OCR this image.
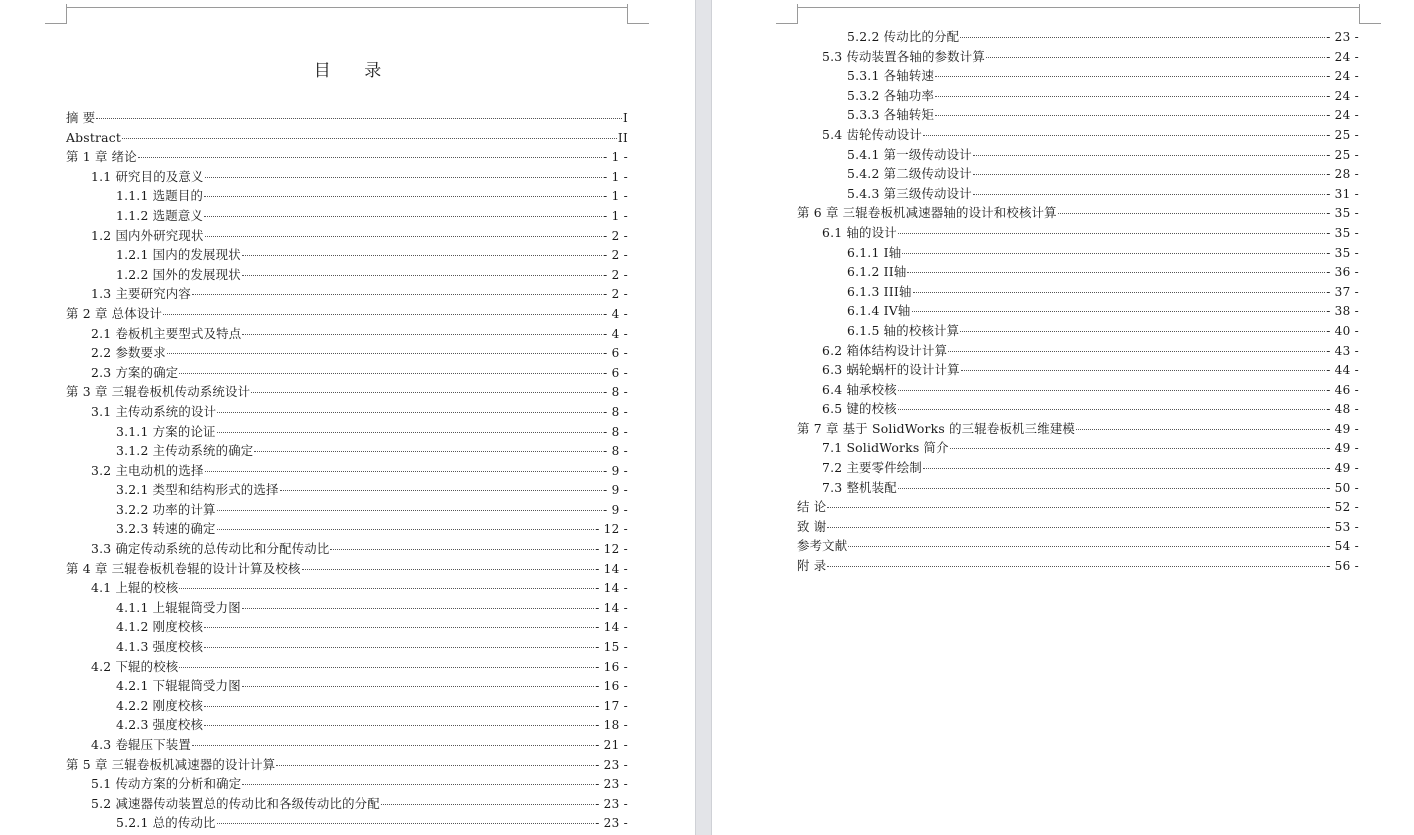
目 录
摘 要	I
Abstract	II
第 1 章 绪论	- 1 -
1.1 研究目的及意义	- 1 -
1.1.1 选题目的	- 1 -
1.1.2 选题意义	- 1 -
1.2 国内外研究现状	- 2 -
1.2.1 国内的发展现状	- 2 -
1.2.2 国外的发展现状	- 2 -
1.3 主要研究内容	- 2 -
第 2 章 总体设计	- 4 -
2.1 卷板机主要型式及特点	- 4 -
2.2 参数要求	- 6 -
2.3 方案的确定	- 6 -
第 3 章 三辊卷板机传动系统设计	- 8 -
3.1 主传动系统的设计	- 8 -
3.1.1 方案的论证	- 8 -
3.1.2 主传动系统的确定	- 8 -
3.2 主电动机的选择	- 9 -
3.2.1 类型和结构形式的选择	- 9 -
3.2.2 功率的计算	- 9 -
3.2.3 转速的确定	- 12 -
3.3 确定传动系统的总传动比和分配传动比	- 12 -
第 4 章 三辊卷板机卷辊的设计计算及校核	- 14 -
4.1 上辊的校核	- 14 -
4.1.1 上辊辊筒受力图	- 14 -
4.1.2 刚度校核	- 14 -
4.1.3 强度校核	- 15 -
4.2 下辊的校核	- 16 -
4.2.1 下辊辊筒受力图	- 16 -
4.2.2 刚度校核	- 17 -
4.2.3 强度校核	- 18 -
4.3 卷辊压下装置	- 21 -
第 5 章 三辊卷板机减速器的设计计算	- 23 -
5.1 传动方案的分析和确定	- 23 -
5.2 减速器传动装置总的传动比和各级传动比的分配	- 23 -
5.2.1 总的传动比	- 23 -
5.2.2 传动比的分配	- 23 -
5.3 传动装置各轴的参数计算	- 24 -
5.3.1 各轴转速	- 24 -
5.3.2 各轴功率	- 24 -
5.3.3 各轴转矩	- 24 -
5.4 齿轮传动设计	- 25 -
5.4.1 第一级传动设计	- 25 -
5.4.2 第二级传动设计	- 28 -
5.4.3 第三级传动设计	- 31 -
第 6 章 三辊卷板机减速器轴的设计和校核计算	- 35 -
6.1 轴的设计	- 35 -
6.1.1 I轴	- 35 -
6.1.2 II轴	- 36 -
6.1.3 III轴	- 37 -
6.1.4 IV轴	- 38 -
6.1.5 轴的校核计算	- 40 -
6.2 箱体结构设计计算	- 43 -
6.3 蜗轮蜗杆的设计计算	- 44 -
6.4 轴承校核	- 46 -
6.5 键的校核	- 48 -
第 7 章 基于 SolidWorks 的三辊卷板机三维建模	- 49 -
7.1 SolidWorks 简介	- 49 -
7.2 主要零件绘制	- 49 -
7.3 整机装配	- 50 -
结 论	- 52 -
致 谢	- 53 -
参考文献	- 54 -
附 录	- 56 -
